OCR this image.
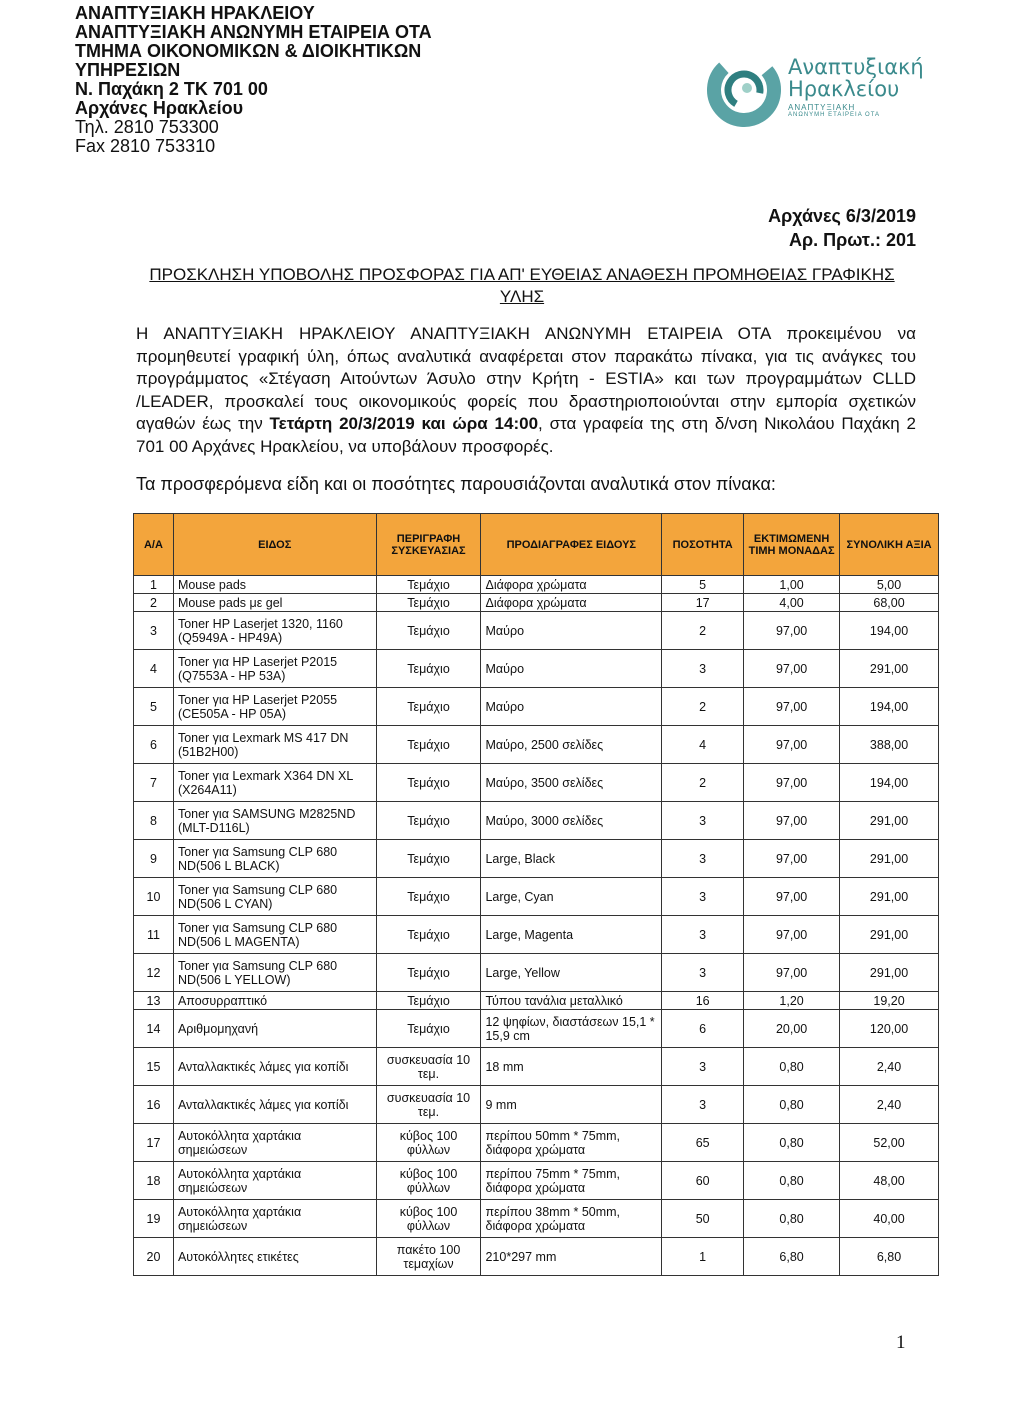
ΑΝΑΠΤΥΞΙΑΚΗ ΗΡΑΚΛΕΙΟΥ
ΑΝΑΠΤΥΞΙΑΚΗ ΑΝΩΝΥΜΗ ΕΤΑΙΡΕΙΑ ΟΤΑ
ΤΜΗΜΑ ΟΙΚΟΝΟΜΙΚΩΝ & ΔΙΟΙΚΗΤΙΚΩΝ
ΥΠΗΡΕΣΙΩΝ
Ν. Παχάκη 2 ΤΚ 701 00
Αρχάνες Ηρακλείου
Τηλ. 2810 753300
Fax 2810 753310
Αναπτυξιακή
Ηρακλείου
ΑΝΑΠΤΥΞΙΑΚΗ
ΑΝΩΝΥΜΗ ΕΤΑΙΡΕΙΑ ΟΤΑ
Αρχάνες 6/3/2019
Αρ. Πρωτ.: 201
ΠΡΟΣΚΛΗΣΗ ΥΠΟΒΟΛΗΣ ΠΡΟΣΦΟΡΑΣ ΓΙΑ ΑΠ' ΕΥΘΕΙΑΣ ΑΝΑΘΕΣΗ ΠΡΟΜΗΘΕΙΑΣ ΓΡΑΦΙΚΗΣ ΥΛΗΣ
Η ΑΝΑΠΤΥΞΙΑΚΗ ΗΡΑΚΛΕΙΟΥ ΑΝΑΠΤΥΞΙΑΚΗ ΑΝΩΝΥΜΗ ΕΤΑΙΡΕΙΑ ΟΤΑ προκειμένου να προμηθευτεί γραφική ύλη, όπως αναλυτικά αναφέρεται στον παρακάτω πίνακα, για τις ανάγκες του προγράμματος «Στέγαση Αιτούντων Άσυλο στην Κρήτη - ESTIA» και των προγραμμάτων CLLD /LEADER, προσκαλεί τους οικονομικούς φορείς που δραστηριοποιούνται στην εμπορία σχετικών αγαθών έως την Τετάρτη 20/3/2019 και ώρα 14:00, στα γραφεία της στη δ/νση Νικολάου Παχάκη 2 701 00 Αρχάνες Ηρακλείου, να υποβάλουν προσφορές.
Τα προσφερόμενα είδη και οι ποσότητες παρουσιάζονται αναλυτικά στον πίνακα:
Α/Α	ΕΙΔΟΣ	ΠΕΡΙΓΡΑΦΗ ΣΥΣΚΕΥΑΣΙΑΣ	ΠΡΟΔΙΑΓΡΑΦΕΣ ΕΙΔΟΥΣ	ΠΟΣΟΤΗΤΑ	ΕΚΤΙΜΩΜΕΝΗ ΤΙΜΗ ΜΟΝΑΔΑΣ	ΣΥΝΟΛΙΚΗ ΑΞΙΑ
1	Mouse pads	Τεμάχιο	Διάφορα χρώματα	5	1,00	5,00
2	Mouse pads με gel	Τεμάχιο	Διάφορα χρώματα	17	4,00	68,00
3	Toner HP Laserjet 1320, 1160 (Q5949A - HP49A)	Τεμάχιο	Μαύρο	2	97,00	194,00
4	Toner για HP Laserjet P2015 (Q7553A - HP 53A)	Τεμάχιο	Μαύρο	3	97,00	291,00
5	Toner για HP Laserjet P2055 (CE505A - HP 05A)	Τεμάχιο	Μαύρο	2	97,00	194,00
6	Toner για Lexmark MS 417 DN (51B2H00)	Τεμάχιο	Μαύρο, 2500 σελίδες	4	97,00	388,00
7	Toner για Lexmark X364 DN XL (X264A11)	Τεμάχιο	Μαύρο, 3500 σελίδες	2	97,00	194,00
8	Toner για SAMSUNG M2825ND (MLT-D116L)	Τεμάχιο	Μαύρο, 3000 σελίδες	3	97,00	291,00
9	Toner για Samsung CLP 680 ND(506 L BLACK)	Τεμάχιο	Large, Black	3	97,00	291,00
10	Toner για Samsung CLP 680 ND(506 L CYAN)	Τεμάχιο	Large, Cyan	3	97,00	291,00
11	Toner για Samsung CLP 680 ND(506 L MAGENTA)	Τεμάχιο	Large, Magenta	3	97,00	291,00
12	Toner για Samsung CLP 680 ND(506 L YELLOW)	Τεμάχιο	Large, Yellow	3	97,00	291,00
13	Αποσυρραπτικό	Τεμάχιο	Τύπου τανάλια μεταλλικό	16	1,20	19,20
14	Αριθμομηχανή	Τεμάχιο	12 ψηφίων, διαστάσεων 15,1 * 15,9 cm	6	20,00	120,00
15	Ανταλλακτικές λάμες για κοπίδι	συσκευασία 10 τεμ.	18 mm	3	0,80	2,40
16	Ανταλλακτικές λάμες για κοπίδι	συσκευασία 10 τεμ.	9 mm	3	0,80	2,40
17	Αυτοκόλλητα χαρτάκια σημειώσεων	κύβος 100 φύλλων	περίπου 50mm * 75mm, διάφορα χρώματα	65	0,80	52,00
18	Αυτοκόλλητα χαρτάκια σημειώσεων	κύβος 100 φύλλων	περίπου 75mm * 75mm, διάφορα χρώματα	60	0,80	48,00
19	Αυτοκόλλητα χαρτάκια σημειώσεων	κύβος 100 φύλλων	περίπου 38mm * 50mm, διάφορα χρώματα	50	0,80	40,00
20	Αυτοκόλλητες ετικέτες	πακέτο 100 τεμαχίων	210*297 mm	1	6,80	6,80
1
